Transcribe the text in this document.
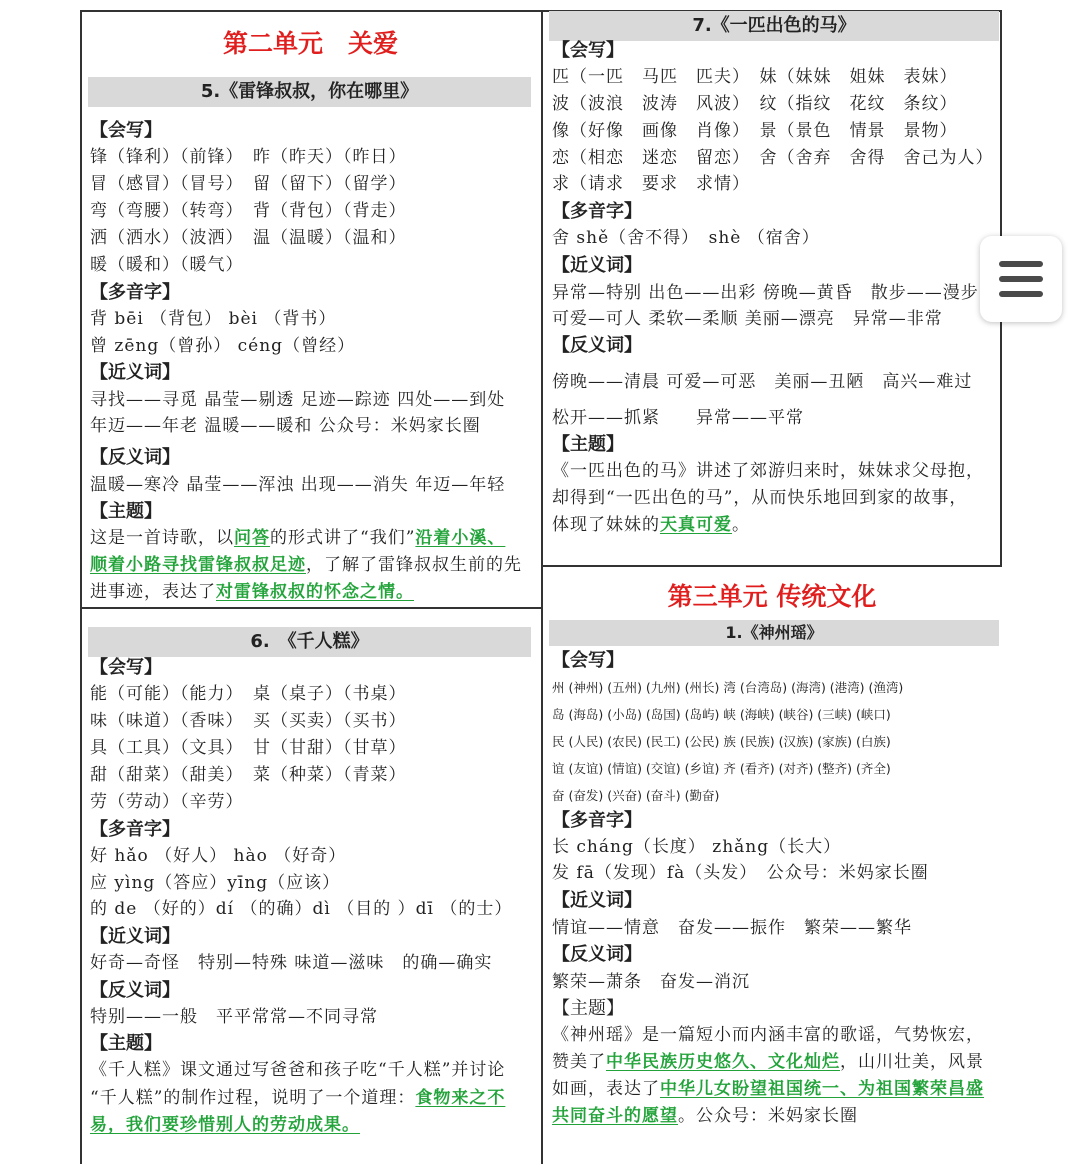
第二单元　关爱
5.《雷锋叔叔，你在哪里》
【会写】
锋（锋利）（前锋）　昨（昨天）（昨日）
冒（感冒）（冒号）　留（留下）（留学）
弯（弯腰）（转弯）　背（背包）（背走）
洒（洒水）（波洒）　温（温暖）（温和）
暖（暖和）（暖气）
【多音字】
背 bēi （背包） bèi （背书）
曾 zēng（曾孙） céng（曾经）
【近义词】
寻找——寻觅 晶莹—剔透 足迹—踪迹 四处——到处
年迈——年老 温暖——暖和 公众号：米妈家长圈
【反义词】
温暖—寒冷 晶莹——浑浊 出现——消失 年迈—年轻
【主题】
这是一首诗歌，以问答的形式讲了“我们”沿着小溪、
顺着小路寻找雷锋叔叔足迹，了解了雷锋叔叔生前的先
进事迹，表达了对雷锋叔叔的怀念之情。
6.　《千人糕》
【会写】
能（可能）（能力）　桌（桌子）（书桌）
味（味道）（香味）　买（买卖）（买书）
具（工具）（文具）　甘（甘甜）（甘草）
甜（甜菜）（甜美）　菜（种菜）（青菜）
劳（劳动）（辛劳）
【多音字】
好 hǎo （好人） hào （好奇）
应 yìng（答应）yīng（应该）
的 de （好的）dí （的确）dì （目的 ）dī （的士）
【近义词】
好奇—奇怪　特别—特殊 味道—滋味　的确—确实
【反义词】
特别——一般　平平常常—不同寻常
【主题】
《千人糕》课文通过写爸爸和孩子吃“千人糕”并讨论
“千人糕”的制作过程，说明了一个道理：食物来之不
易，我们要珍惜别人的劳动成果。
7.《一匹出色的马》
【会写】
匹（一匹　马匹　匹夫）　妹（妹妹　姐妹　表妹）
波（波浪　波涛　风波）　纹（指纹　花纹　条纹）
像（好像　画像　肖像）　景（景色　情景　景物）
恋（相恋　迷恋　留恋）　舍（舍弃　舍得　舍己为人）
求（请求　要求　求情）
【多音字】
舍 shě（舍不得）　shè （宿舍）
【近义词】
异常—特别 出色——出彩 傍晚—黄昏　散步——漫步
可爱—可人 柔软—柔顺 美丽—漂亮　异常—非常
【反义词】
傍晚——清晨 可爱—可恶　美丽—丑陋　高兴—难过
松开——抓紧　　异常——平常
【主题】
《一匹出色的马》讲述了郊游归来时，妹妹求父母抱，
却得到“一匹出色的马”，从而快乐地回到家的故事，
体现了妹妹的天真可爱。
第三单元 传统文化
1.《神州瑶》
【会写】
州 (神州) (五州) (九州) (州长) 湾 (台湾岛) (海湾) (港湾) (渔湾)
岛 (海岛) (小岛) (岛国) (岛屿) 峡 (海峡) (峡谷) (三峡) (峡口)
民 (人民) (农民) (民工) (公民) 族 (民族) (汉族) (家族) (白族)
谊 (友谊) (情谊) (交谊) (乡谊) 齐 (看齐) (对齐) (整齐) (齐全)
奋 (奋发) (兴奋) (奋斗) (勤奋)
【多音字】
长 cháng（长度） zhǎng（长大）
发 fā（发现）fà（头发）　公众号：米妈家长圈
【近义词】
情谊——情意　奋发——振作　繁荣——繁华
【反义词】
繁荣—萧条　奋发—消沉
【主题】
《神州瑶》是一篇短小而内涵丰富的歌谣，气势恢宏，
赞美了中华民族历史悠久、文化灿烂，山川壮美，风景
如画，表达了中华儿女盼望祖国统一、为祖国繁荣昌盛
共同奋斗的愿望。公众号：米妈家长圈
